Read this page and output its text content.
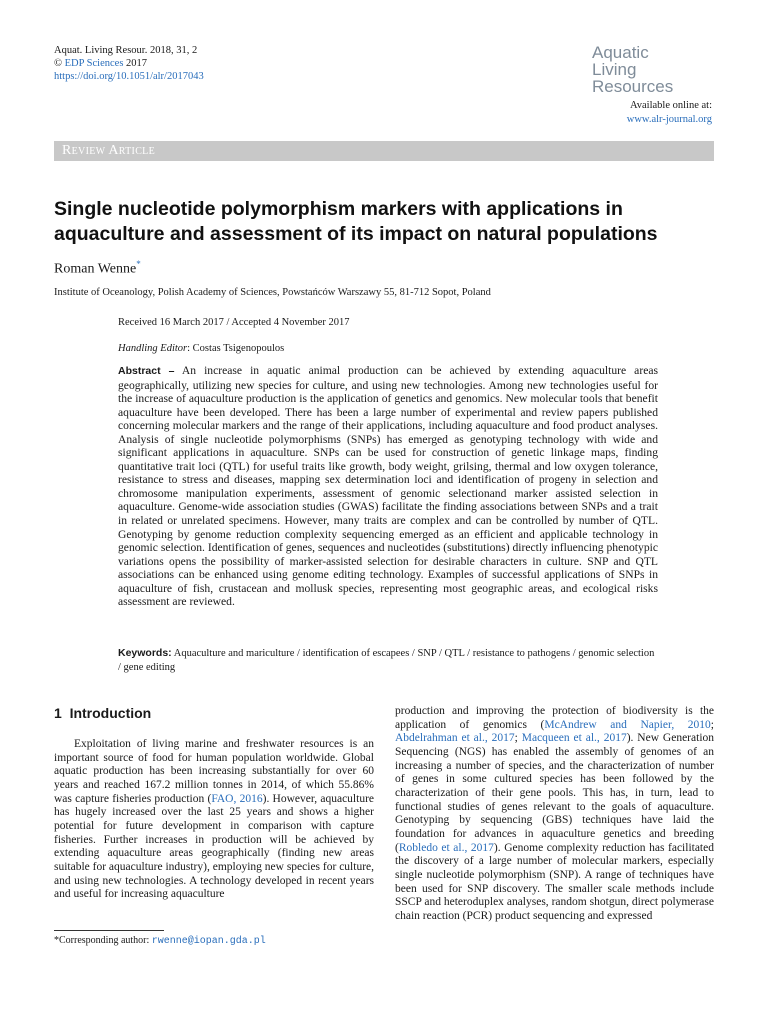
Aquat. Living Resour. 2018, 31, 2
© EDP Sciences 2017
https://doi.org/10.1051/alr/2017043
Aquatic
Living
Resources
Available online at:
www.alr-journal.org
Review Article
Single nucleotide polymorphism markers with applications in aquaculture and assessment of its impact on natural populations
Roman Wenne*
Institute of Oceanology, Polish Academy of Sciences, Powstańców Warszawy 55, 81-712 Sopot, Poland
Received 16 March 2017 / Accepted 4 November 2017
Handling Editor: Costas Tsigenopoulos
Abstract – An increase in aquatic animal production can be achieved by extending aquaculture areas geographically, utilizing new species for culture, and using new technologies. Among new technologies useful for the increase of aquaculture production is the application of genetics and genomics. New molecular tools that benefit aquaculture have been developed. There has been a large number of experimental and review papers published concerning molecular markers and the range of their applications, including aquaculture and food product analyses. Analysis of single nucleotide polymorphisms (SNPs) has emerged as genotyping technology with wide and significant applications in aquaculture. SNPs can be used for construction of genetic linkage maps, finding quantitative trait loci (QTL) for useful traits like growth, body weight, grilsing, thermal and low oxygen tolerance, resistance to stress and diseases, mapping sex determination loci and identification of progeny in selection and chromosome manipulation experiments, assessment of genomic selectionand marker assisted selection in aquaculture. Genome-wide association studies (GWAS) facilitate the finding associations between SNPs and a trait in related or unrelated specimens. However, many traits are complex and can be controlled by number of QTL. Genotyping by genome reduction complexity sequencing emerged as an efficient and applicable technology in genomic selection. Identification of genes, sequences and nucleotides (substitutions) directly influencing phenotypic variations opens the possibility of marker-assisted selection for desirable characters in culture. SNP and QTL associations can be enhanced using genome editing technology. Examples of successful applications of SNPs in aquaculture of fish, crustacean and mollusk species, representing most geographic areas, and ecological risks assessment are reviewed.
Keywords: Aquaculture and mariculture / identification of escapees / SNP / QTL / resistance to pathogens / genomic selection / gene editing
1 Introduction
Exploitation of living marine and freshwater resources is an important source of food for human population worldwide. Global aquatic production has been increasing substantially for over 60 years and reached 167.2 million tonnes in 2014, of which 55.86% was capture fisheries production (FAO, 2016). However, aquaculture has hugely increased over the last 25 years and shows a higher potential for future development in comparison with capture fisheries. Further increases in production will be achieved by extending aquaculture areas geographically (finding new areas suitable for aquaculture industry), employing new species for culture, and using new technologies. A technology developed in recent years and useful for increasing aquaculture
production and improving the protection of biodiversity is the application of genomics (McAndrew and Napier, 2010; Abdelrahman et al., 2017; Macqueen et al., 2017). New Generation Sequencing (NGS) has enabled the assembly of genomes of an increasing a number of species, and the characterization of number of genes in some cultured species has been followed by the characterization of their gene pools. This has, in turn, lead to functional studies of genes relevant to the goals of aquaculture. Genotyping by sequencing (GBS) techniques have laid the foundation for advances in aquaculture genetics and breeding (Robledo et al., 2017). Genome complexity reduction has facilitated the discovery of a large number of molecular markers, especially single nucleotide polymorphism (SNP). A range of techniques have been used for SNP discovery. The smaller scale methods include SSCP and heteroduplex analyses, random shotgun, direct polymerase chain reaction (PCR) product sequencing and expressed
*Corresponding author: rwenne@iopan.gda.pl
